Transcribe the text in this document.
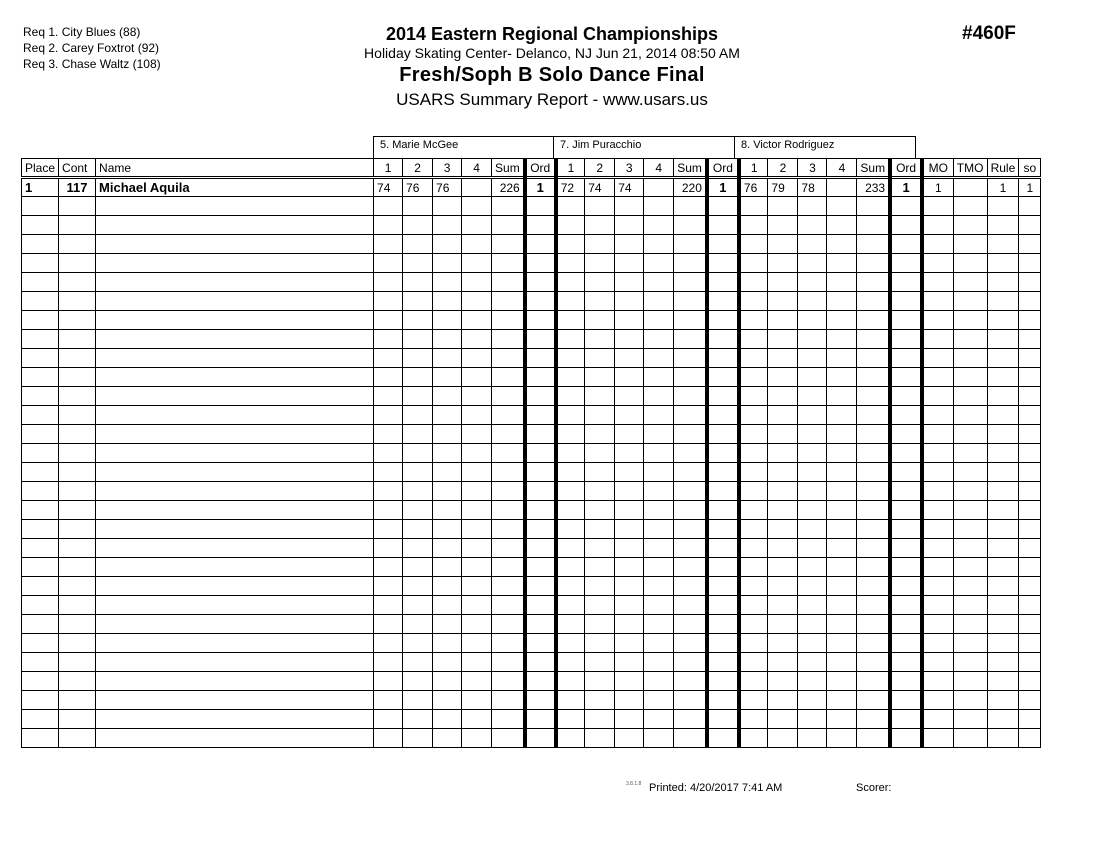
Req 1. City Blues (88)
Req 2. Carey Foxtrot (92)
Req 3. Chase Waltz (108)
2014 Eastern Regional Championships
Holiday Skating Center- Delanco, NJ Jun 21, 2014 08:50 AM
Fresh/Soph B Solo Dance Final
USARS Summary Report - www.usars.us
#460F
5. Marie McGee	7. Jim Puracchio	8. Victor Rodriguez
Place	Cont	Name	1	2	3	4	Sum	Ord	1	2	3	4	Sum	Ord	1	2	3	4	Sum	Ord	MO	TMO	Rule	so
1	117	Michael Aquila	74	76	76		226	1	72	74	74		220	1	76	79	78		233	1	1		1	1

3.8.1.8 Printed: 4/20/2017 7:41 AM	Scorer:
